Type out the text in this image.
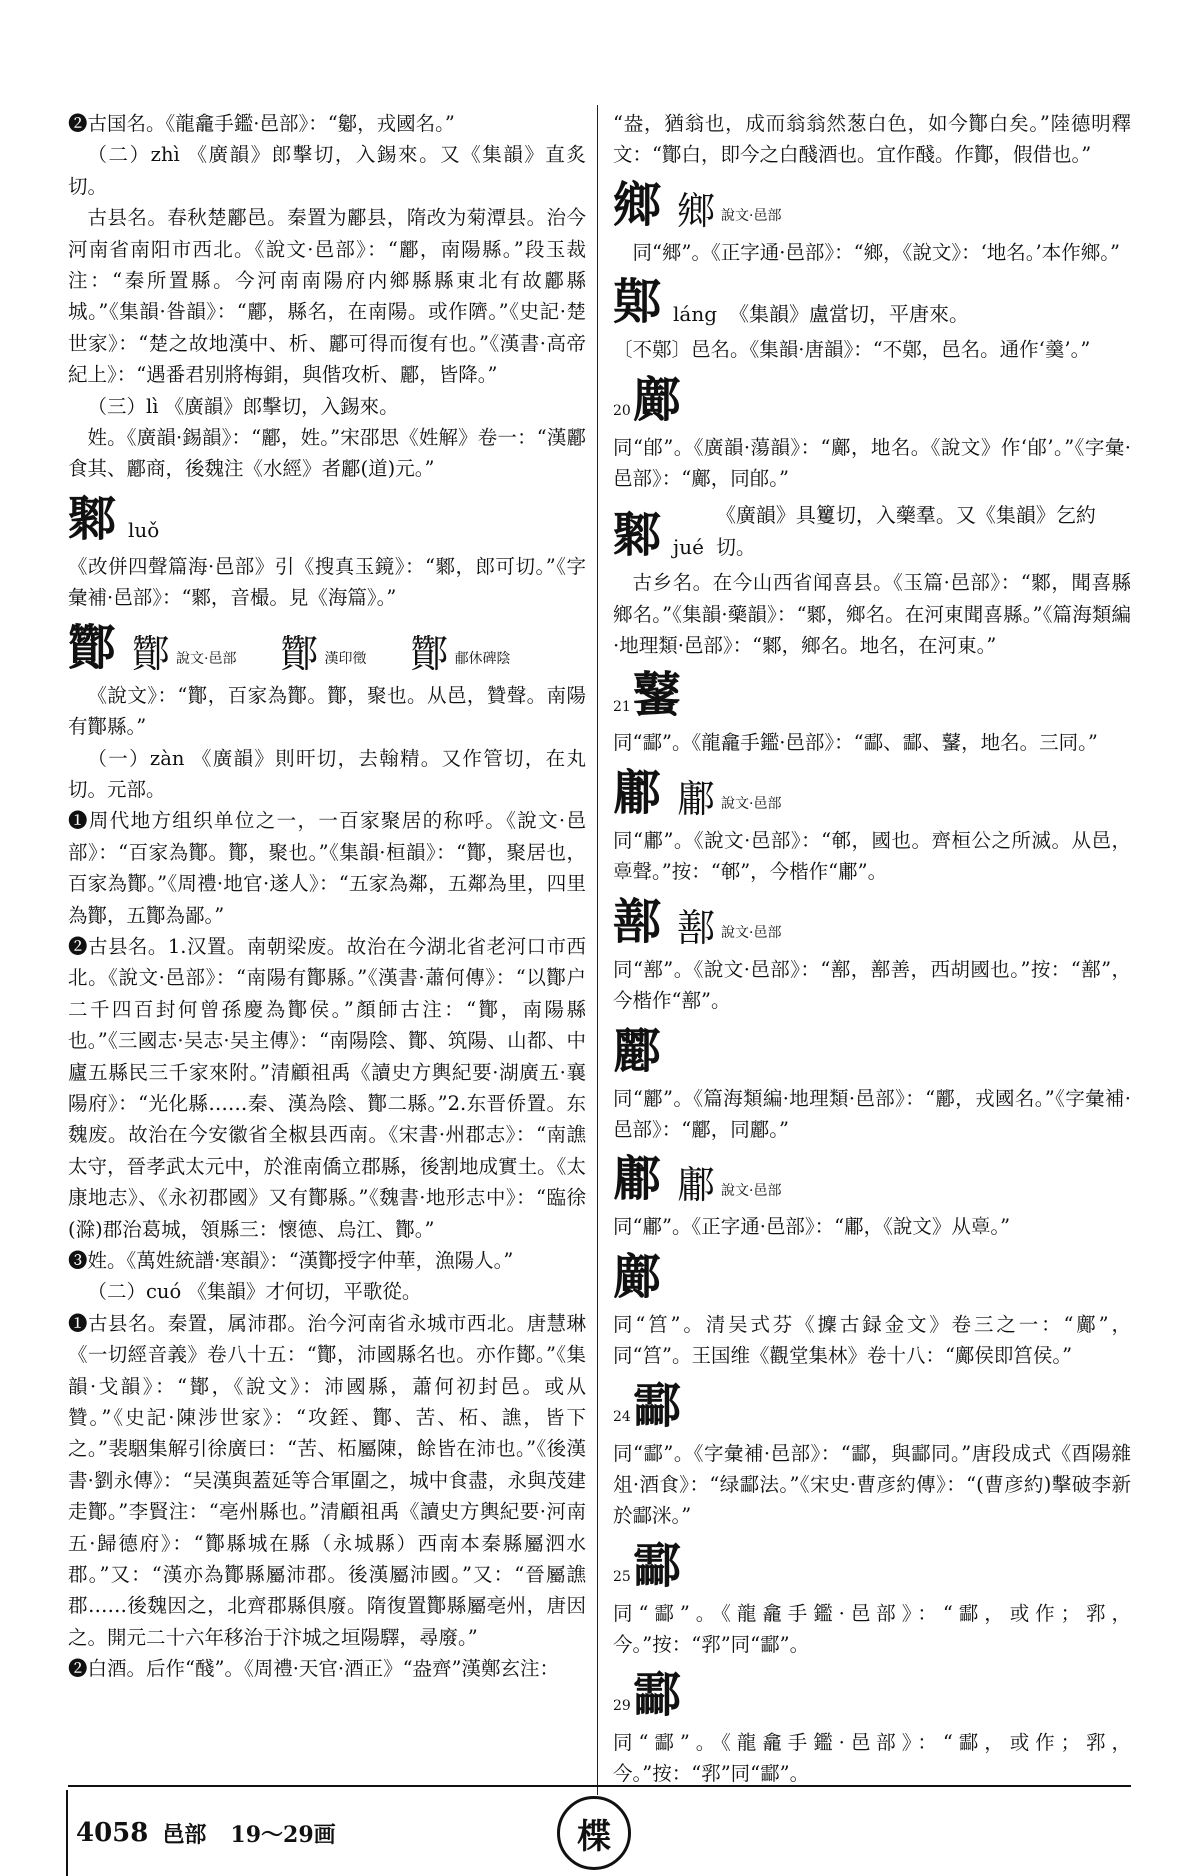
❷古国名。《龍龕手鑑·邑部》：“酁，戎國名。”

（二）zhì 《廣韻》郎擊切，入錫來。又《集韻》直炙切。

古县名。春秋楚酈邑。秦置为酈县，隋改为菊潭县。治今河南省南阳市西北。《說文·邑部》：“酈，南陽縣。”段玉裁注：“秦所置縣。今河南南陽府内鄉縣縣東北有故酈縣城。”《集韻·昝韻》：“酈，縣名，在南陽。或作隮。”《史記·楚世家》：“楚之故地漢中、析、酈可得而復有也。”《漢書·高帝紀上》：“遇番君别將梅鋗，與偕攻析、酈，皆降。”

（三）lì 《廣韻》郎擊切，入錫來。

姓。《廣韻·錫韻》：“酈，姓。”宋邵思《姓解》卷一：“漢酈食其、酈商，後魏注《水經》者酈(道)元。”

鄹 luǒ

《改併四聲篇海·邑部》引《搜真玉鏡》：“鄹，郎可切。”《字彙補·邑部》：“鄹，音樶。見《海篇》。”

酇 酇 說文·邑部 酇 漢印徵 酇 郙休碑陰

《說文》：“酇，百家為酇。酇，聚也。从邑，贊聲。南陽有酇縣。”

（一）zàn 《廣韻》則旰切，去翰精。又作管切，在丸切。元部。

❶周代地方组织单位之一，一百家聚居的称呼。《說文·邑部》：“百家為酇。酇，聚也。”《集韻·桓韻》：“酇，聚居也，百家為酇。”《周禮·地官·遂人》：“五家為鄰，五鄰為里，四里為酇，五酇為鄙。”

❷古县名。1.汉置。南朝梁废。故治在今湖北省老河口市西北。《說文·邑部》：“南陽有酇縣。”《漢書·蕭何傳》：“以酇户二千四百封何曾孫慶為酇侯。”顏師古注：“酇，南陽縣也。”《三國志·吴志·吴主傳》：“南陽陰、酇、筑陽、山都、中廬五縣民三千家來附。”清顧祖禹《讀史方輿紀要·湖廣五·襄陽府》：“光化縣……秦、漢為陰、酇二縣。”2.东晋侨置。东魏废。故治在今安徽省全椒县西南。《宋書·州郡志》：“南譙太守，晉孝武太元中，於淮南僑立郡縣，後割地成實土。《太康地志》、《永初郡國》又有酇縣。”《魏書·地形志中》：“臨徐(滁)郡治葛城，領縣三：懷德、烏江、酇。”

❸姓。《萬姓統譜·寒韻》：“漢酇授字仲華，漁陽人。”

（二）cuó 《集韻》才何切，平歌從。

❶古县名。秦置，属沛郡。治今河南省永城市西北。唐慧琳《一切經音義》卷八十五：“酇，沛國縣名也。亦作鄼。”《集韻·戈韻》：“鄼，《說文》：沛國縣，蕭何初封邑。或从贊。”《史記·陳涉世家》：“攻銍、酇、苦、柘、譙，皆下之。”裴駰集解引徐廣曰：“苦、柘屬陳，餘皆在沛也。”《後漢書·劉永傳》：“吴漢與蓋延等合軍圍之，城中食盡，永與茂建走酇。”李賢注：“亳州縣也。”清顧祖禹《讀史方輿紀要·河南五·歸德府》：“酇縣城在縣（永城縣）西南本秦縣屬泗水郡。”又：“漢亦為酇縣屬沛郡。後漢屬沛國。”又：“晉屬譙郡……後魏因之，北齊郡縣俱廢。隋復置酇縣屬亳州，唐因之。開元二十六年移治于汴城之垣陽驛，尋廢。”

❷白酒。后作“醆”。《周禮·天官·酒正》“盎齊”漢鄭玄注：

“盎，猶翁也，成而翁翁然葱白色，如今酇白矣。”陸德明釋文：“酇白，即今之白醆酒也。宜作醆。作酇，假借也。”

鄉 鄉 說文·邑部

同“郷”。《正字通·邑部》：“鄉，《說文》：‘地名。’本作鄉。”

鄚 láng 《集韻》盧當切，平唐來。

〔不鄚〕邑名。《集韻·唐韻》：“不鄚，邑名。通作‘羹’。”

20 鄺

同“郋”。《廣韻·蕩韻》：“鄺，地名。《說文》作‘郋’。”《字彙·邑部》：“鄺，同郋。”

鄹 jué
《廣韻》具籰切，入藥羣。又《集韻》乞約切。

古乡名。在今山西省闻喜县。《玉篇·邑部》：“鄹，聞喜縣鄉名。”《集韻·藥韻》：“鄹，鄉名。在河東聞喜縣。”《篇海類編·地理類·邑部》：“鄹，鄉名。地名，在河東。”

21 鼜

同“酃”。《龍龕手鑑·邑部》：“酃、酃、鼜，地名。三同。”

鄘 鄘 說文·邑部

同“鄘”。《說文·邑部》：“䣍，國也。齊桓公之所滅。从邑，𩫏聲。”按：“䣍”，今楷作“鄘”。

鄯 鄯 說文·邑部

同“鄯”。《說文·邑部》：“鄯，鄯善，西胡國也。”按：“鄯”，今楷作“鄯”。

酈

同“酈”。《篇海類編·地理類·邑部》：“酈，戎國名。”《字彙補·邑部》：“酈，同酈。”

鄘 鄘 說文·邑部

同“鄘”。《正字通·邑部》：“鄘，《說文》从𩫏。”

鄺

同“筥”。清吴式芬《攈古録金文》卷三之一：“鄺”，同“筥”。王国维《觀堂集林》卷十八：“鄺侯即筥侯。”

24 酃

同“酃”。《字彙補·邑部》：“酃，與酃同。”唐段成式《酉陽雜俎·酒食》：“绿酃法。”《宋史·曹彦約傳》：“(曹彦約)擊破李新於酃洣。”

25 酃

同“酃”。《龍龕手鑑·邑部》：“酃，或作；郛，今。”按：“郛”同“酃”。

29 酃

同“酃”。《龍龕手鑑·邑部》：“酃，或作；郛，今。”按：“郛”同“酃”。

4058 邑部 19～29画	楪
